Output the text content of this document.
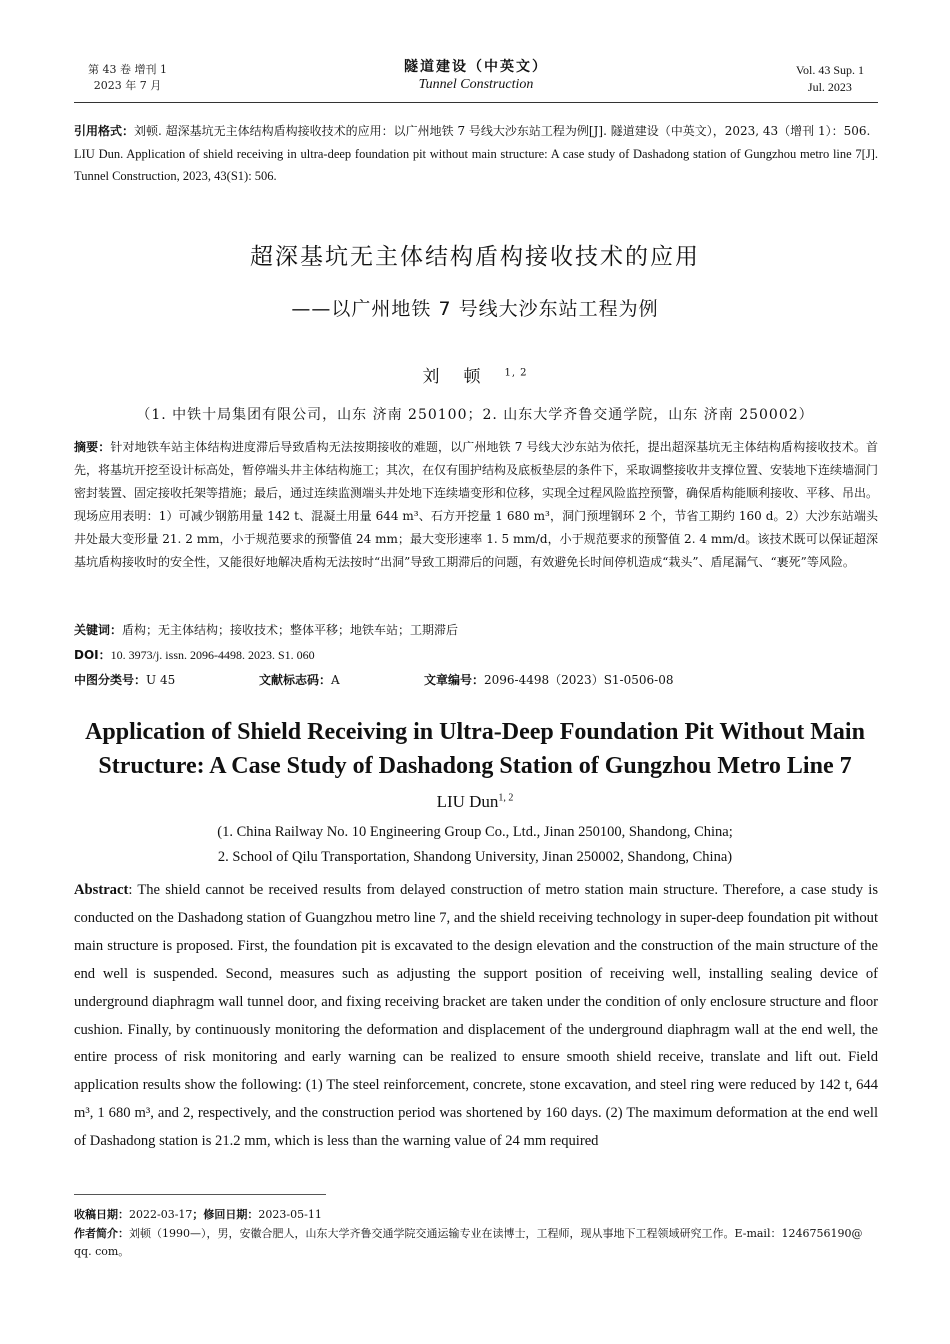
第 43 卷 增刊 1
2023 年 7 月
隧道建设（中英文）
Tunnel Construction
Vol. 43 Sup. 1
Jul. 2023
引用格式：刘顿. 超深基坑无主体结构盾构接收技术的应用：以广州地铁 7 号线大沙东站工程为例[J]. 隧道建设（中英文），2023, 43（增刊 1）：506.
LIU Dun. Application of shield receiving in ultra-deep foundation pit without main structure: A case study of Dashadong station of Gungzhou metro line 7[J]. Tunnel Construction, 2023, 43(S1): 506.
超深基坑无主体结构盾构接收技术的应用
——以广州地铁 7 号线大沙东站工程为例
刘顿$^{1, 2}$
（1. 中铁十局集团有限公司，山东 济南 250100；2. 山东大学齐鲁交通学院，山东 济南 250002）
摘要：针对地铁车站主体结构进度滞后导致盾构无法按期接收的难题，以广州地铁 7 号线大沙东站为依托，提出超深基坑无主体结构盾构接收技术。首先，将基坑开挖至设计标高处，暂停端头井主体结构施工；其次，在仅有围护结构及底板垫层的条件下，采取调整接收井支撑位置、安装地下连续墙洞门密封装置、固定接收托架等措施；最后，通过连续监测端头井处地下连续墙变形和位移，实现全过程风险监控预警，确保盾构能顺利接收、平移、吊出。现场应用表明：1）可减少钢筋用量 142 t、混凝土用量 644 m³、石方开挖量 1 680 m³，洞门预埋钢环 2 个，节省工期约 160 d。2）大沙东站端头井处最大变形量 21. 2 mm，小于规范要求的预警值 24 mm；最大变形速率 1. 5 mm/d，小于规范要求的预警值 2. 4 mm/d。该技术既可以保证超深基坑盾构接收时的安全性，又能很好地解决盾构无法按时“出洞”导致工期滞后的问题，有效避免长时间停机造成“栽头”、盾尾漏气、“裹死”等风险。
关键词：盾构；无主体结构；接收技术；整体平移；地铁车站；工期滞后
DOI：10. 3973/j. issn. 2096-4498. 2023. S1. 060
中图分类号：U 45	文献标志码：A	文章编号：2096-4498（2023）S1-0506-08
Application of Shield Receiving in Ultra-Deep Foundation Pit Without Main Structure: A Case Study of Dashadong Station of Gungzhou Metro Line 7
LIU Dun$^{1, 2}$
(1. China Railway No. 10 Engineering Group Co., Ltd., Jinan 250100, Shandong, China;
2. School of Qilu Transportation, Shandong University, Jinan 250002, Shandong, China)
Abstract: The shield cannot be received results from delayed construction of metro station main structure. Therefore, a case study is conducted on the Dashadong station of Guangzhou metro line 7, and the shield receiving technology in super-deep foundation pit without main structure is proposed. First, the foundation pit is excavated to the design elevation and the construction of the main structure of the end well is suspended. Second, measures such as adjusting the support position of receiving well, installing sealing device of underground diaphragm wall tunnel door, and fixing receiving bracket are taken under the condition of only enclosure structure and floor cushion. Finally, by continuously monitoring the deformation and displacement of the underground diaphragm wall at the end well, the entire process of risk monitoring and early warning can be realized to ensure smooth shield receive, translate and lift out. Field application results show the following: (1) The steel reinforcement, concrete, stone excavation, and steel ring were reduced by 142 t, 644 m³, 1 680 m³, and 2, respectively, and the construction period was shortened by 160 days. (2) The maximum deformation at the end well of Dashadong station is 21.2 mm, which is less than the warning value of 24 mm required
收稿日期：2022-03-17；修回日期：2023-05-11
作者简介：刘顿（1990—），男，安徽合肥人，山东大学齐鲁交通学院交通运输专业在读博士，工程师，现从事地下工程领域研究工作。E-mail：1246756190@ qq. com。
